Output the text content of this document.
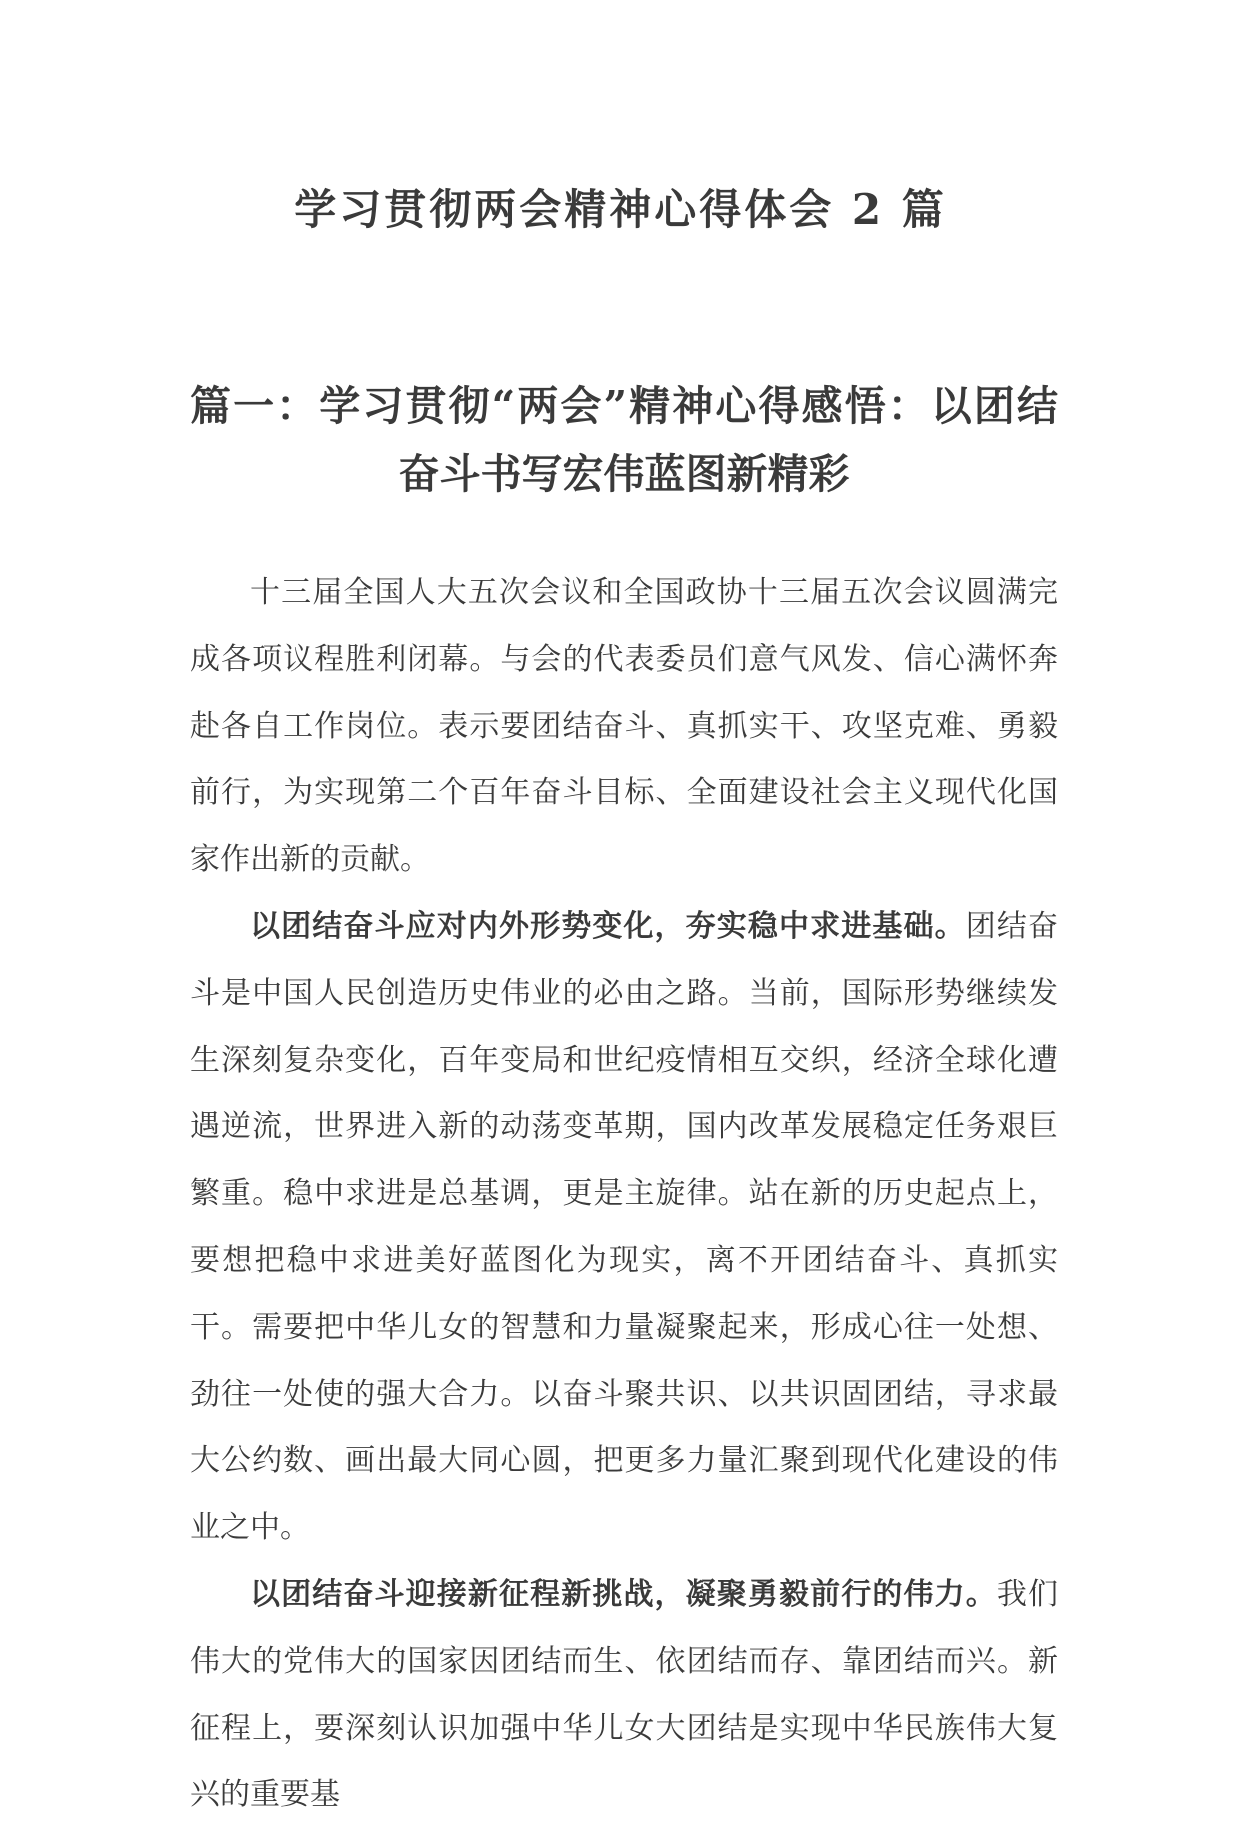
学习贯彻两会精神心得体会 2 篇
篇一：学习贯彻“两会”精神心得感悟：以团结
奋斗书写宏伟蓝图新精彩

十三届全国人大五次会议和全国政协十三届五次会议圆满完成各项议程胜利闭幕。与会的代表委员们意气风发、信心满怀奔赴各自工作岗位。表示要团结奋斗、真抓实干、攻坚克难、勇毅前行，为实现第二个百年奋斗目标、全面建设社会主义现代化国家作出新的贡献。

以团结奋斗应对内外形势变化，夯实稳中求进基础。团结奋斗是中国人民创造历史伟业的必由之路。当前，国际形势继续发生深刻复杂变化，百年变局和世纪疫情相互交织，经济全球化遭遇逆流，世界进入新的动荡变革期，国内改革发展稳定任务艰巨繁重。稳中求进是总基调，更是主旋律。站在新的历史起点上，要想把稳中求进美好蓝图化为现实，离不开团结奋斗、真抓实干。需要把中华儿女的智慧和力量凝聚起来，形成心往一处想、劲往一处使的强大合力。以奋斗聚共识、以共识固团结，寻求最大公约数、画出最大同心圆，把更多力量汇聚到现代化建设的伟业之中。

以团结奋斗迎接新征程新挑战，凝聚勇毅前行的伟力。我们伟大的党伟大的国家因团结而生、依团结而存、靠团结而兴。新征程上，要深刻认识加强中华儿女大团结是实现中华民族伟大复兴的重要基
